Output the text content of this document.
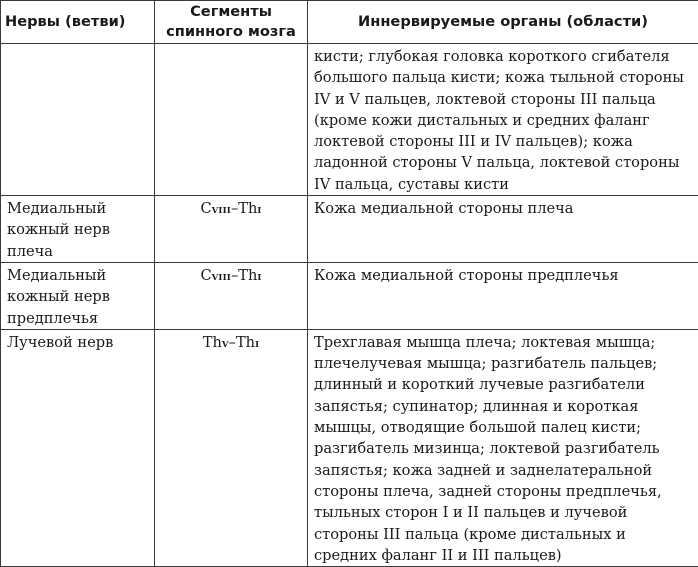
Нервы (ветви)	Сегменты спинного мозга	Иннервируемые органы (области)
		кисти; глубокая головка короткого сгибателя большого пальца кисти; кожа тыльной стороны IV и V пальцев, локтевой стороны III пальца (кроме кожи дистальных и средних фаланг локтевой стороны III и IV пальцев); кожа ладонной стороны V пальца, локтевой стороны IV пальца, суставы кисти
Медиальный кожный нерв плеча	CVIII–ThI	Кожа медиальной стороны плеча
Медиальный кожный нерв предплечья	CVIII–ThI	Кожа медиальной стороны предплечья
Лучевой нерв	ThV–ThI	Трехглавая мышца плеча; локтевая мышца; плечелучевая мышца; разгибатель пальцев; длинный и короткий лучевые разгибатели запястья; супинатор; длинная и короткая мышцы, отводящие большой палец кисти; разгибатель мизинца; локтевой разгибатель запястья; кожа задней и заднелатеральной стороны плеча, задней стороны предплечья, тыльных сторон I и II пальцев и лучевой стороны III пальца (кроме дистальных и средних фаланг II и III пальцев)
